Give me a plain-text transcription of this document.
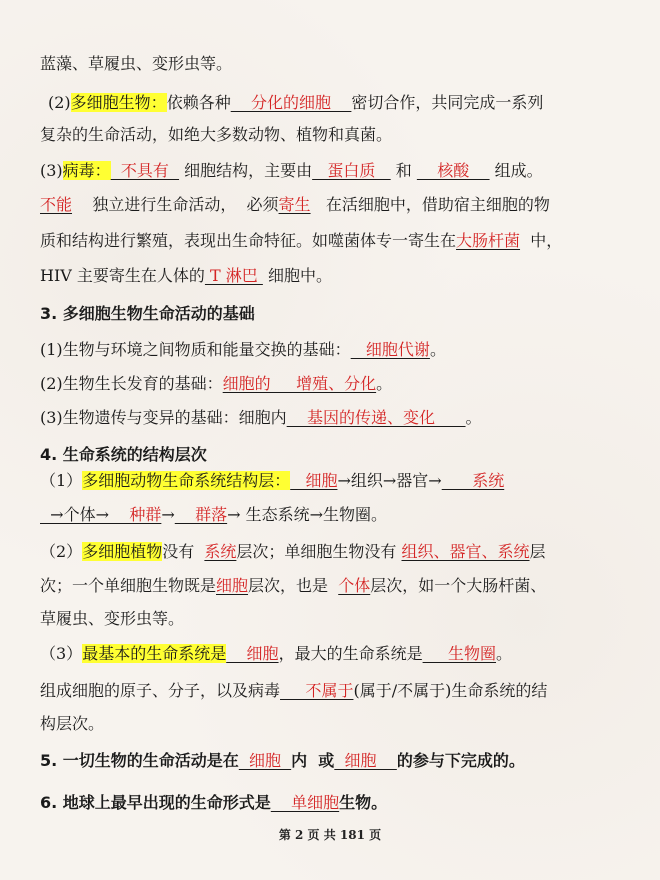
蓝藻、草履虫、变形虫等。
(2)多细胞生物：依赖各种    分化的细胞    密切合作，共同完成一系列
复杂的生命活动，如绝大多数动物、植物和真菌。
(3)病毒：  不具有   细胞结构，主要由   蛋白质    和     核酸     组成。
不能    独立进行生命活动，  必须寄生   在活细胞中，借助宿主细胞的物
质和结构进行繁殖，表现出生命特征。如噬菌体专一寄生在大肠杆菌  中，
HIV 主要寄生在人体的 T 淋巴  细胞中。
3. 多细胞生物生命活动的基础
(1)生物与环境之间物质和能量交换的基础：   细胞代谢。
(2)生物生长发育的基础：细胞的     增殖、分化。
(3)生物遗传与变异的基础：细胞内    基因的传递、变化      。
4. 生命系统的结构层次
（1）多细胞动物生命系统结构层：   细胞→组织→器官→      系统
→个体→    种群→    群落→ 生态系统→生物圈。
（2）多细胞植物没有  系统层次；单细胞生物没有 组织、器官、系统层
次；一个单细胞生物既是细胞层次，也是  个体层次，如一个大肠杆菌、
草履虫、变形虫等。
（3）最基本的生命系统是    细胞，最大的生命系统是     生物圈。
组成细胞的原子、分子，以及病毒     不属于(属于/不属于)生命系统的结
构层次。
5. 一切生物的生命活动是在  细胞  内  或  细胞    的参与下完成的。
6. 地球上最早出现的生命形式是    单细胞生物。
第 2 页 共 181 页
